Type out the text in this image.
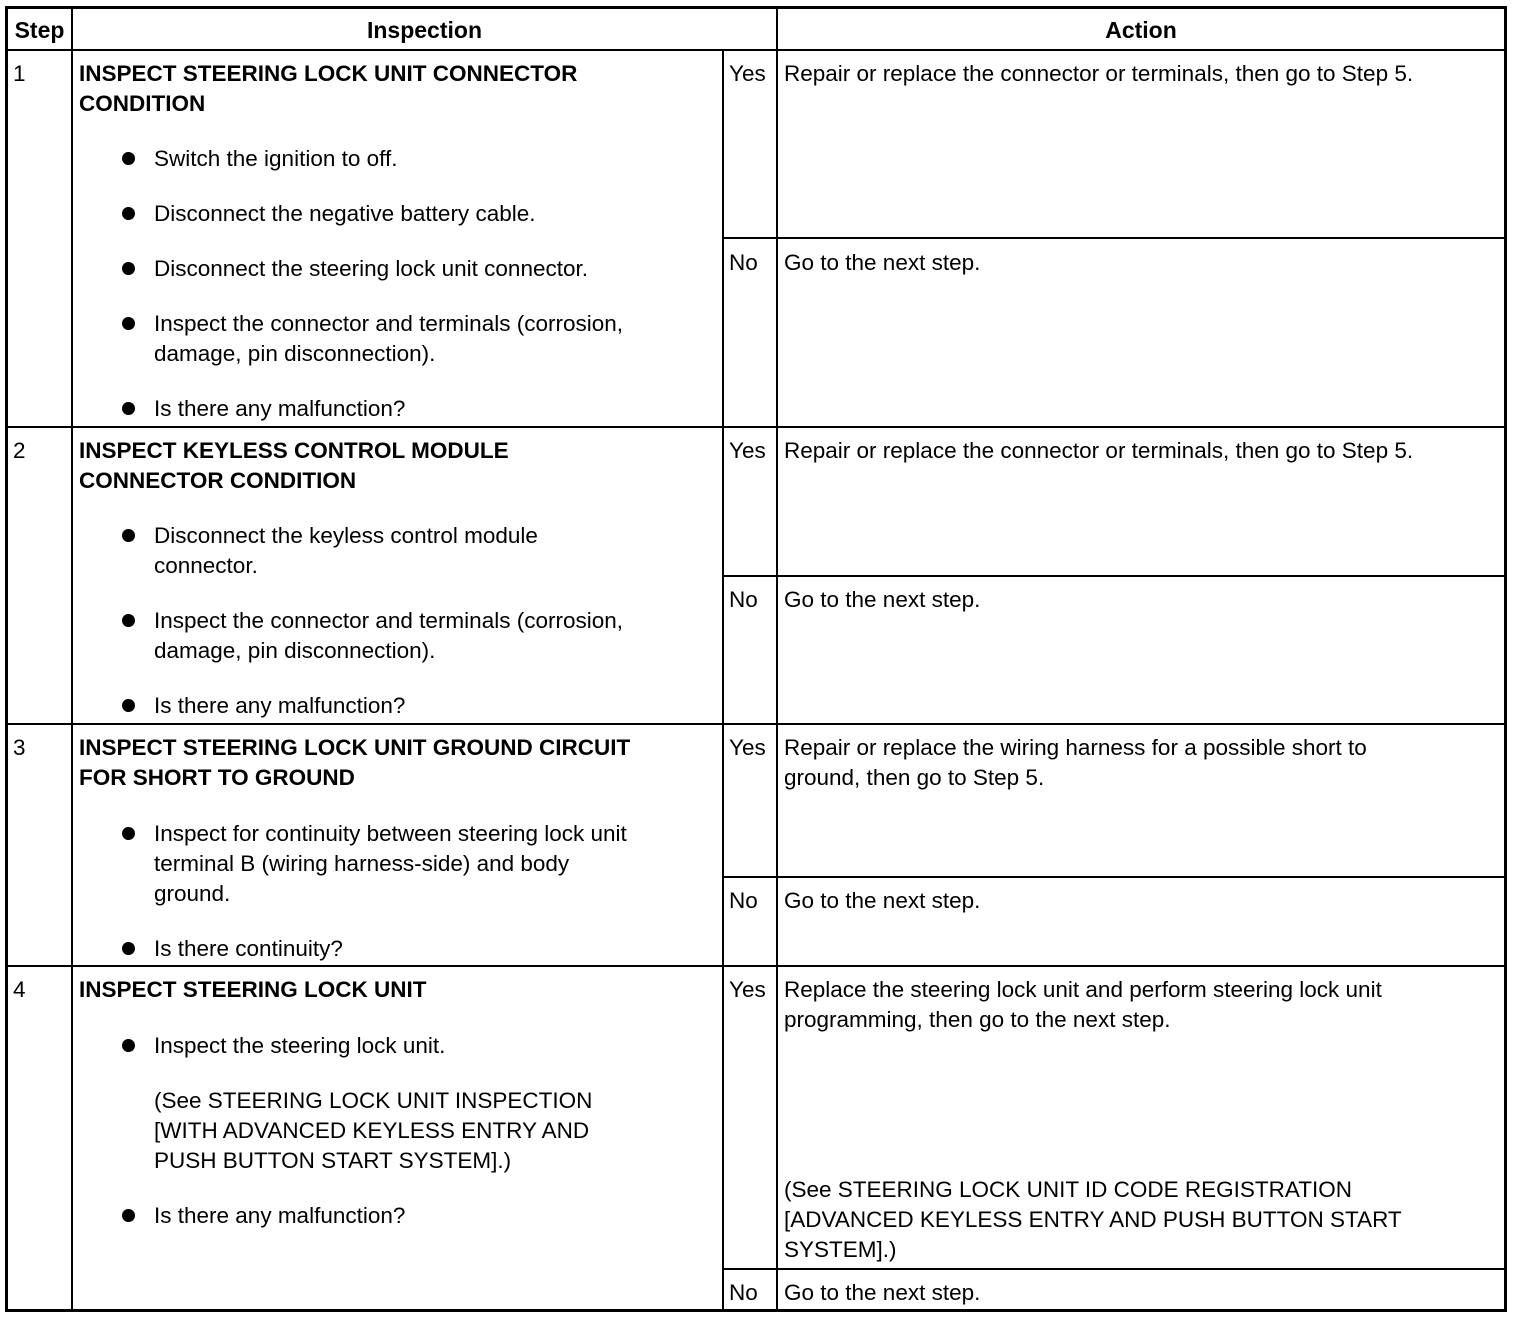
Step	Inspection	Action
1 INSPECT STEERING LOCK UNIT CONNECTOR
CONDITION
Switch the ignition to off.
Disconnect the negative battery cable.
Disconnect the steering lock unit connector.
Inspect the connector and terminals (corrosion,
damage, pin disconnection).
Is there any malfunction?
Yes Repair or replace the connector or terminals, then go to Step 5.
No Go to the next step.
2 INSPECT KEYLESS CONTROL MODULE
CONNECTOR CONDITION
Disconnect the keyless control module
connector.
Inspect the connector and terminals (corrosion,
damage, pin disconnection).
Is there any malfunction?
Yes Repair or replace the connector or terminals, then go to Step 5.
No Go to the next step.
3 INSPECT STEERING LOCK UNIT GROUND CIRCUIT
FOR SHORT TO GROUND
Inspect for continuity between steering lock unit
terminal B (wiring harness-side) and body
ground.
Is there continuity?
Yes Repair or replace the wiring harness for a possible short to
ground, then go to Step 5.
No Go to the next step.
4 INSPECT STEERING LOCK UNIT
Inspect the steering lock unit.
(See STEERING LOCK UNIT INSPECTION
[WITH ADVANCED KEYLESS ENTRY AND
PUSH BUTTON START SYSTEM].)
Is there any malfunction?
Yes Replace the steering lock unit and perform steering lock unit
programming, then go to the next step.
(See STEERING LOCK UNIT ID CODE REGISTRATION
[ADVANCED KEYLESS ENTRY AND PUSH BUTTON START
SYSTEM].)
No Go to the next step.
